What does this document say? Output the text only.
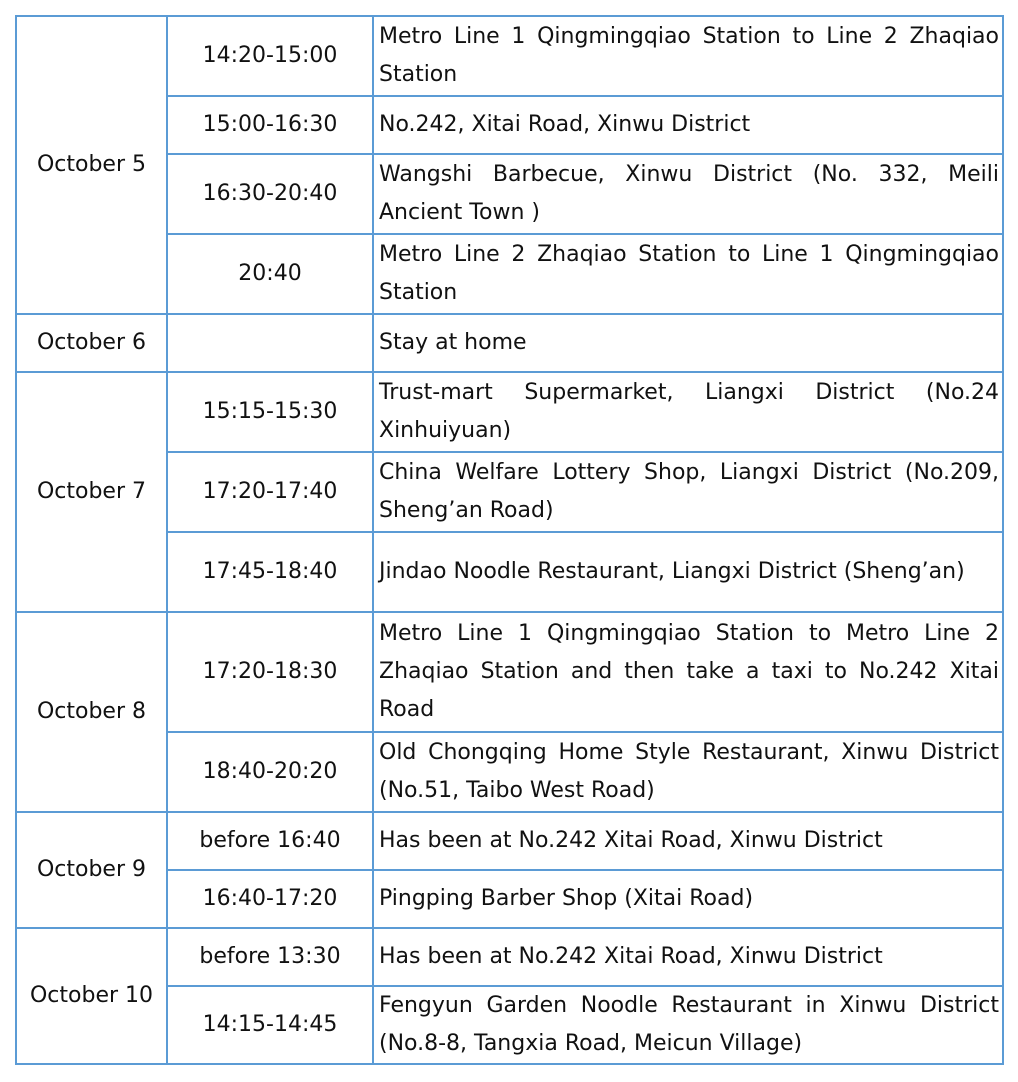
October 5	14:20-15:00	Metro Line 1 Qingmingqiao Station to Line 2 Zhaqiao Station
	15:00-16:30	No.242, Xitai Road, Xinwu District
	16:30-20:40	Wangshi Barbecue, Xinwu District (No. 332, Meili Ancient Town )
	20:40	Metro Line 2 Zhaqiao Station to Line 1 Qingmingqiao Station
October 6		Stay at home
October 7	15:15-15:30	Trust-mart Supermarket, Liangxi District (No.24 Xinhuiyuan)
	17:20-17:40	China Welfare Lottery Shop, Liangxi District (No.209, Sheng’an Road)
	17:45-18:40	Jindao Noodle Restaurant, Liangxi District (Sheng’an)
October 8	17:20-18:30	Metro Line 1 Qingmingqiao Station to Metro Line 2 Zhaqiao Station and then take a taxi to No.242 Xitai Road
	18:40-20:20	Old Chongqing Home Style Restaurant, Xinwu District (No.51, Taibo West Road)
October 9	before 16:40	Has been at No.242 Xitai Road, Xinwu District
	16:40-17:20	Pingping Barber Shop (Xitai Road)
October 10	before 13:30	Has been at No.242 Xitai Road, Xinwu District
	14:15-14:45	Fengyun Garden Noodle Restaurant in Xinwu District (No.8-8, Tangxia Road, Meicun Village)
